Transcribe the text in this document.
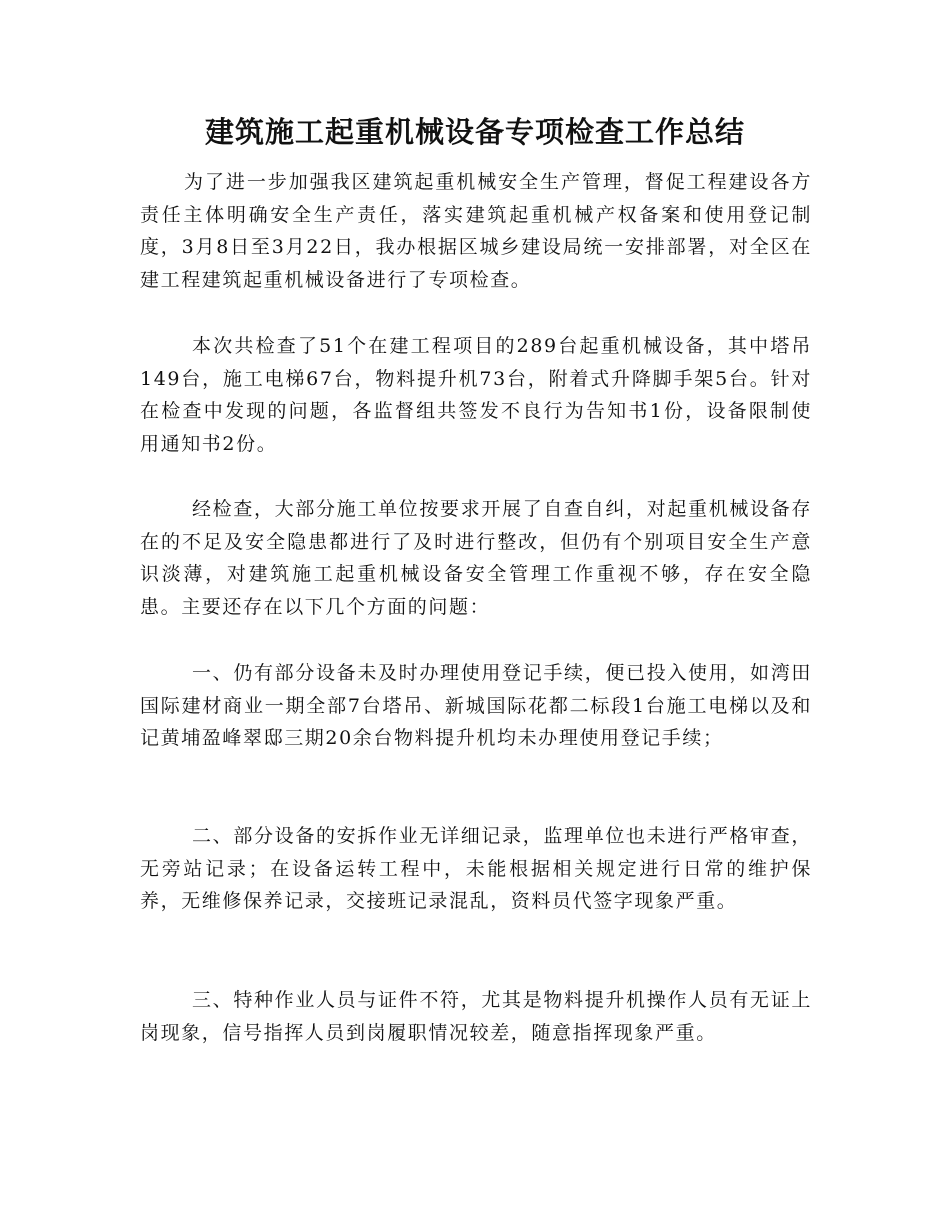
建筑施工起重机械设备专项检查工作总结

为了进一步加强我区建筑起重机械安全生产管理，督促工程建设各方责任主体明确安全生产责任，落实建筑起重机械产权备案和使用登记制度，3月8日至3月22日，我办根据区城乡建设局统一安排部署，对全区在建工程建筑起重机械设备进行了专项检查。

本次共检查了51个在建工程项目的289台起重机械设备，其中塔吊149台，施工电梯67台，物料提升机73台，附着式升降脚手架5台。针对在检查中发现的问题，各监督组共签发不良行为告知书1份，设备限制使用通知书2份。

经检查，大部分施工单位按要求开展了自查自纠，对起重机械设备存在的不足及安全隐患都进行了及时进行整改，但仍有个别项目安全生产意识淡薄，对建筑施工起重机械设备安全管理工作重视不够，存在安全隐患。主要还存在以下几个方面的问题：

一、仍有部分设备未及时办理使用登记手续，便已投入使用，如湾田国际建材商业一期全部7台塔吊、新城国际花都二标段1台施工电梯以及和记黄埔盈峰翠邸三期20余台物料提升机均未办理使用登记手续；

二、部分设备的安拆作业无详细记录，监理单位也未进行严格审查，无旁站记录；在设备运转工程中，未能根据相关规定进行日常的维护保养，无维修保养记录，交接班记录混乱，资料员代签字现象严重。

三、特种作业人员与证件不符，尤其是物料提升机操作人员有无证上岗现象，信号指挥人员到岗履职情况较差，随意指挥现象严重。
